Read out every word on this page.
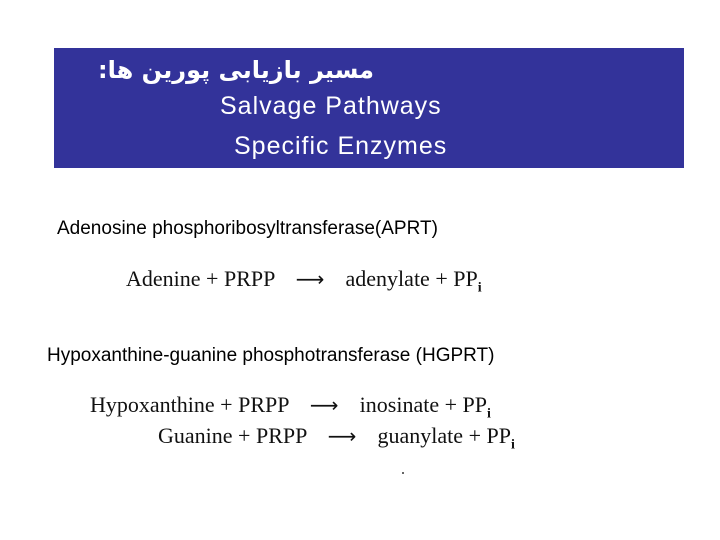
مسیر بازیابی پورین ها:
Salvage Pathways
Specific Enzymes
Adenosine phosphoribosyltransferase(APRT)
Adenine + PRPP ⟶ adenylate + $PP_i$
Hypoxanthine-guanine phosphotransferase (HGPRT)
Hypoxanthine + PRPP ⟶ inosinate + $PP_i$
Guanine + PRPP ⟶ guanylate + $PP_i$
